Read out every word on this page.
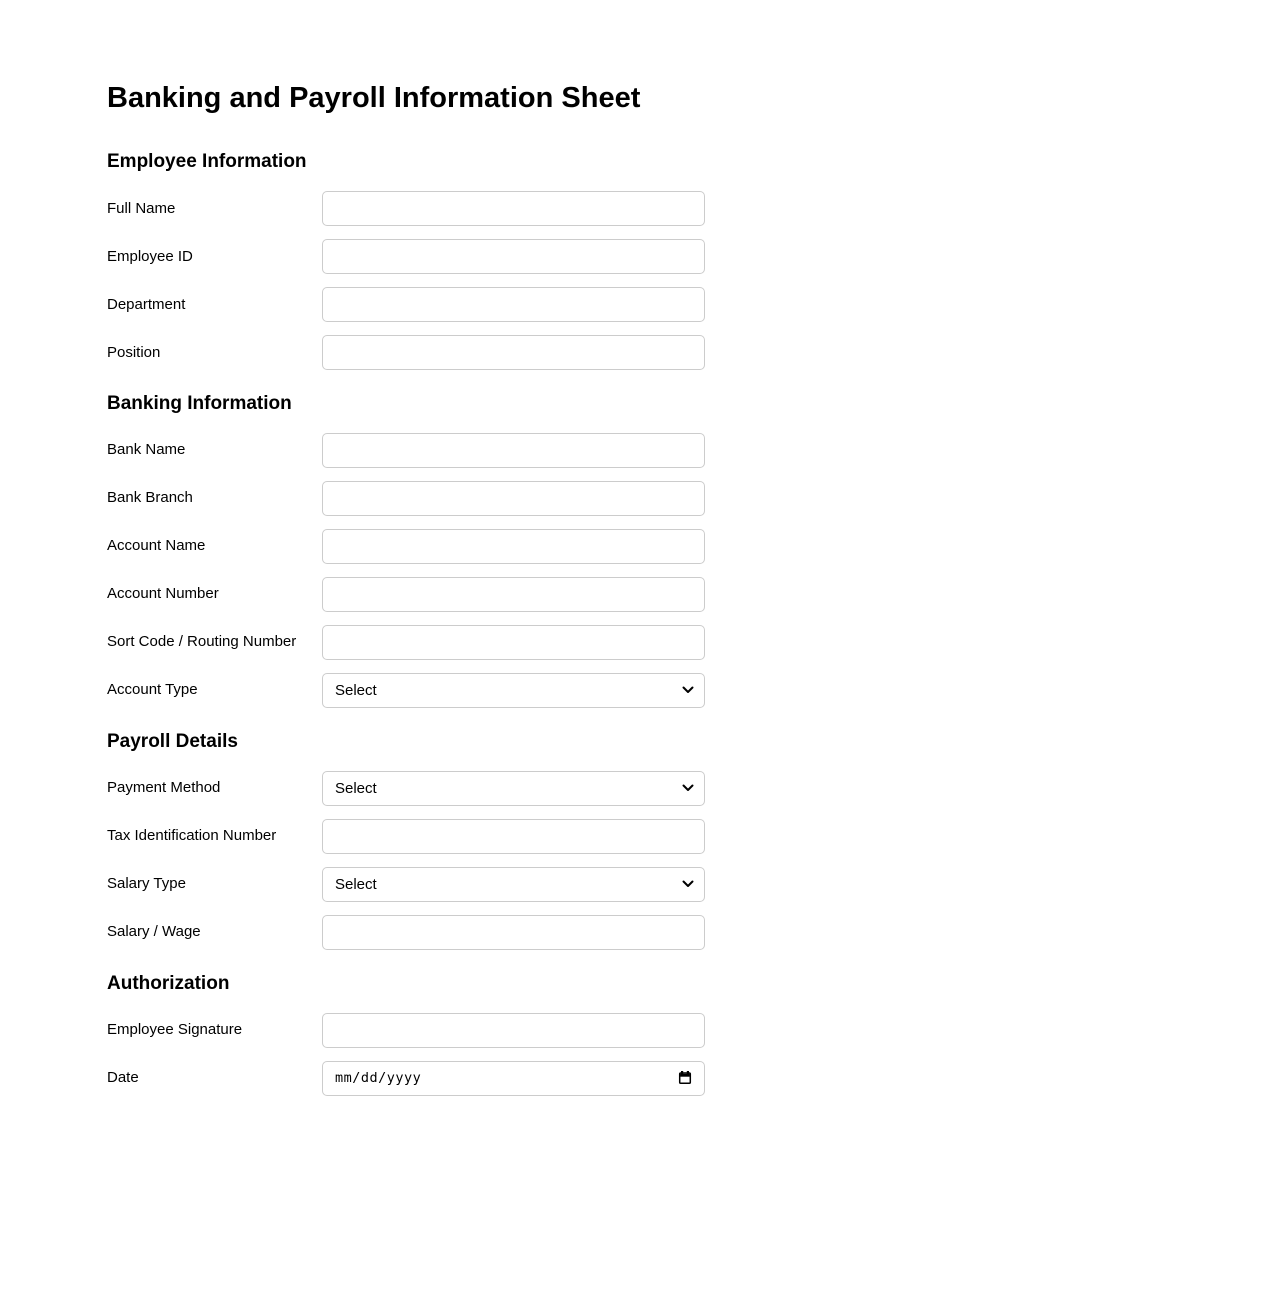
Banking and Payroll Information Sheet
Employee Information
Full Name
Employee ID
Department
Position
Banking Information
Bank Name
Bank Branch
Account Name
Account Number
Sort Code / Routing Number
Account Type
Select
Payroll Details
Payment Method
Select
Tax Identification Number
Salary Type
Select
Salary / Wage
Authorization
Employee Signature
Date	mm/dd/yyyy
